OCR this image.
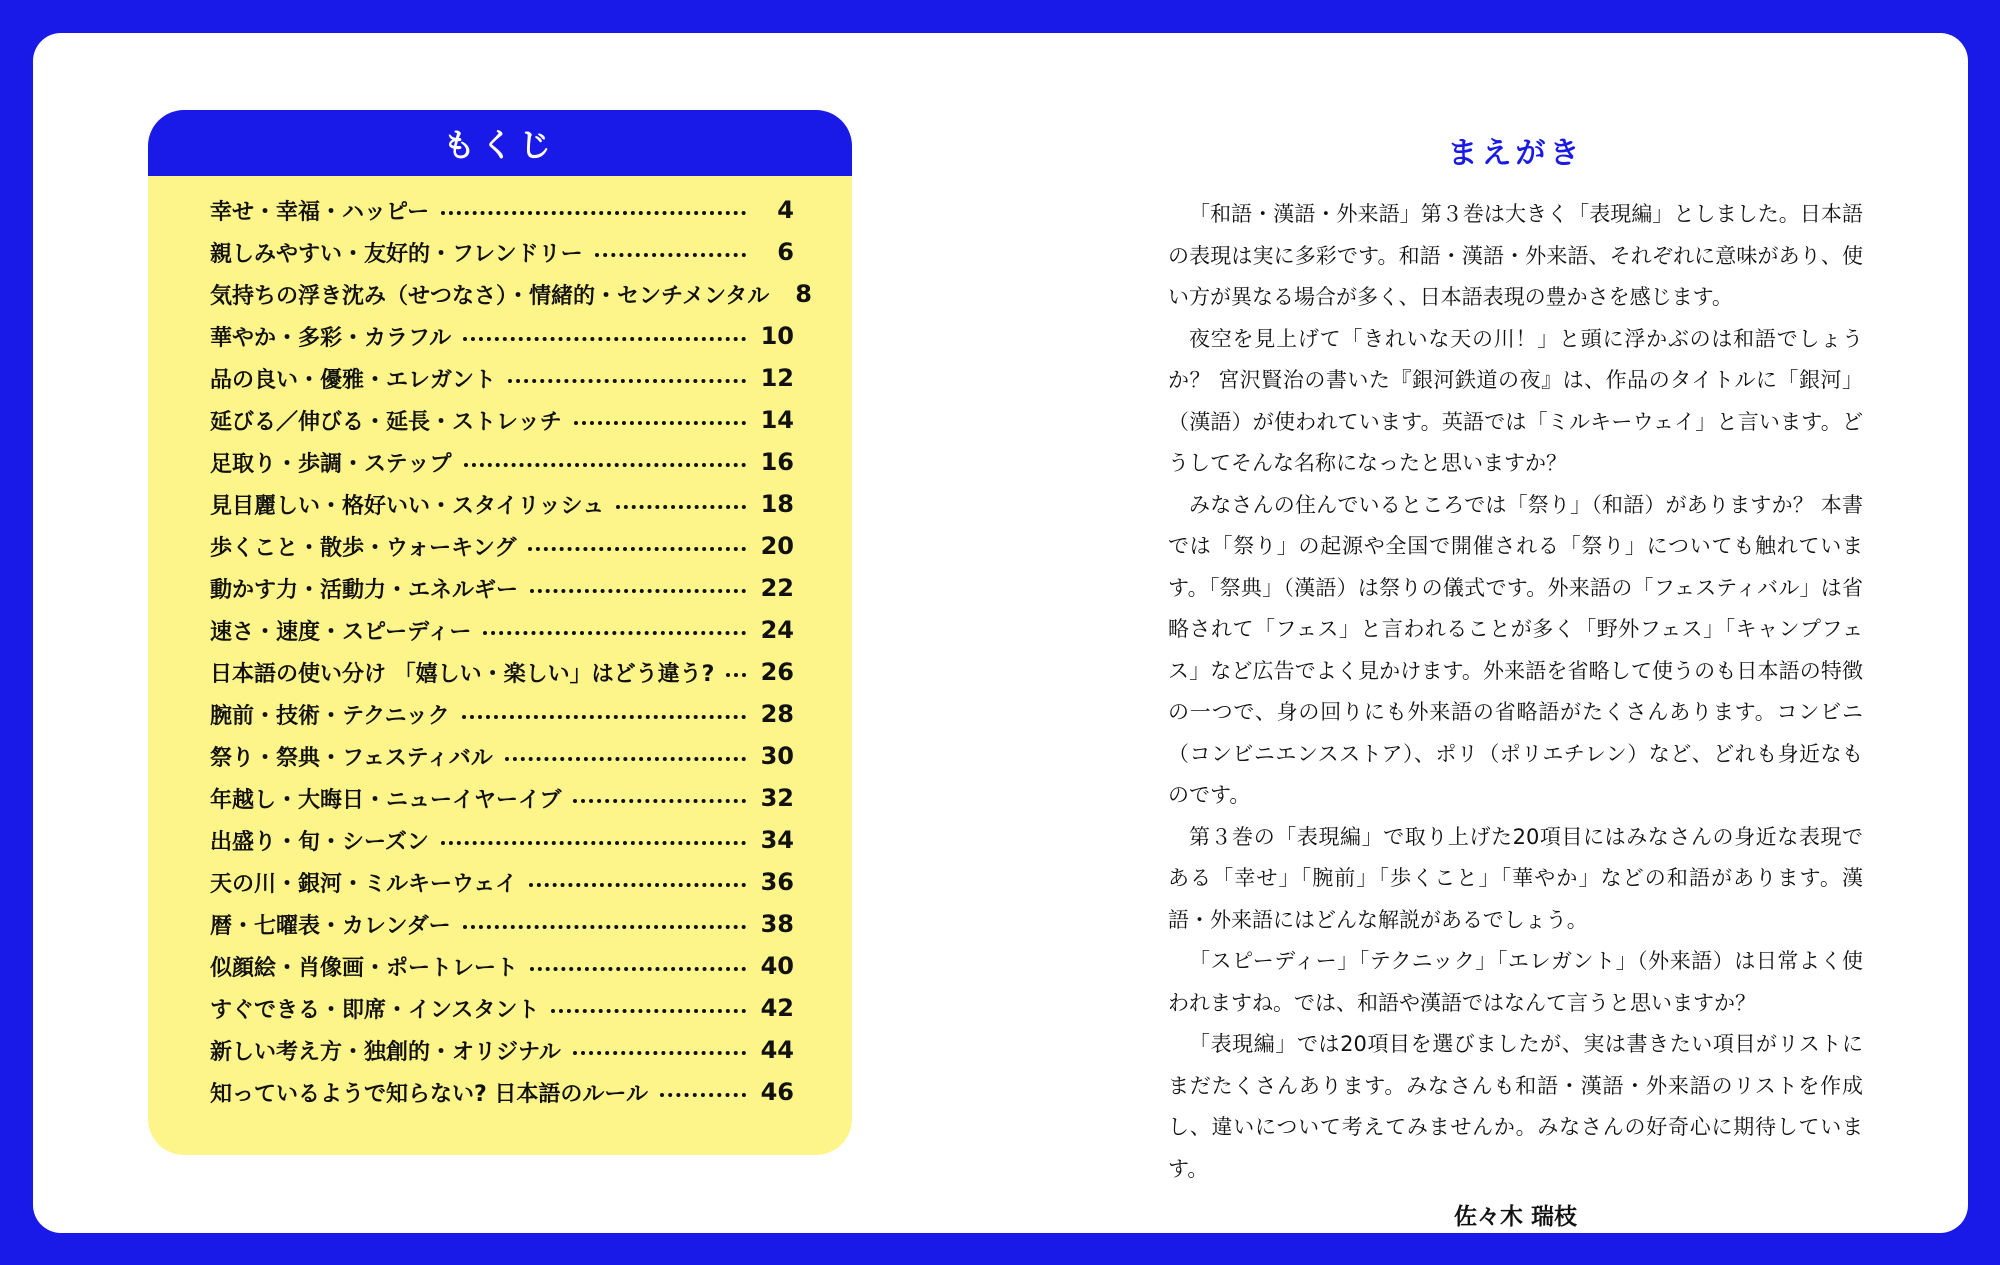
もくじ
幸せ・幸福・ハッピー	4
親しみやすい・友好的・フレンドリー	6
気持ちの浮き沈み（せつなさ）・情緒的・センチメンタル 8
華やか・多彩・カラフル	10
品の良い・優雅・エレガント	12
延びる／伸びる・延長・ストレッチ	14
足取り・歩調・ステップ	16
見目麗しい・格好いい・スタイリッシュ	18
歩くこと・散歩・ウォーキング	20
動かす力・活動力・エネルギー	22
速さ・速度・スピーディー	24
日本語の使い分け 「嬉しい・楽しい」はどう違う? 26
腕前・技術・テクニック	28
祭り・祭典・フェスティバル	30
年越し・大晦日・ニューイヤーイブ	32
出盛り・旬・シーズン	34
天の川・銀河・ミルキーウェイ	36
暦・七曜表・カレンダー	38
似顔絵・肖像画・ポートレート	40
すぐできる・即席・インスタント	42
新しい考え方・独創的・オリジナル	44
知っているようで知らない? 日本語のルール	46
まえがき

「和語・漢語・外来語」第３巻は大きく「表現編」としました。日本語の表現は実に多彩です。和語・漢語・外来語、それぞれに意味があり、使い方が異なる場合が多く、日本語表現の豊かさを感じます。

夜空を見上げて「きれいな天の川！」と頭に浮かぶのは和語でしょうか？ 宮沢賢治の書いた『銀河鉄道の夜』は、作品のタイトルに「銀河」（漢語）が使われています。英語では「ミルキーウェイ」と言います。どうしてそんな名称になったと思いますか？

みなさんの住んでいるところでは「祭り」（和語）がありますか？ 本書では「祭り」の起源や全国で開催される「祭り」についても触れています。「祭典」（漢語）は祭りの儀式です。外来語の「フェスティバル」は省略されて「フェス」と言われることが多く「野外フェス」「キャンプフェス」など広告でよく見かけます。外来語を省略して使うのも日本語の特徴の一つで、身の回りにも外来語の省略語がたくさんあります。コンビニ（コンビニエンスストア）、ポリ（ポリエチレン）など、どれも身近なものです。

第３巻の「表現編」で取り上げた20項目にはみなさんの身近な表現である「幸せ」「腕前」「歩くこと」「華やか」などの和語があります。漢語・外来語にはどんな解説があるでしょう。

「スピーディー」「テクニック」「エレガント」（外来語）は日常よく使われますね。では、和語や漢語ではなんて言うと思いますか？

「表現編」では20項目を選びましたが、実は書きたい項目がリストにまだたくさんあります。みなさんも和語・漢語・外来語のリストを作成し、違いについて考えてみませんか。みなさんの好奇心に期待しています。

佐々木 瑞枝
